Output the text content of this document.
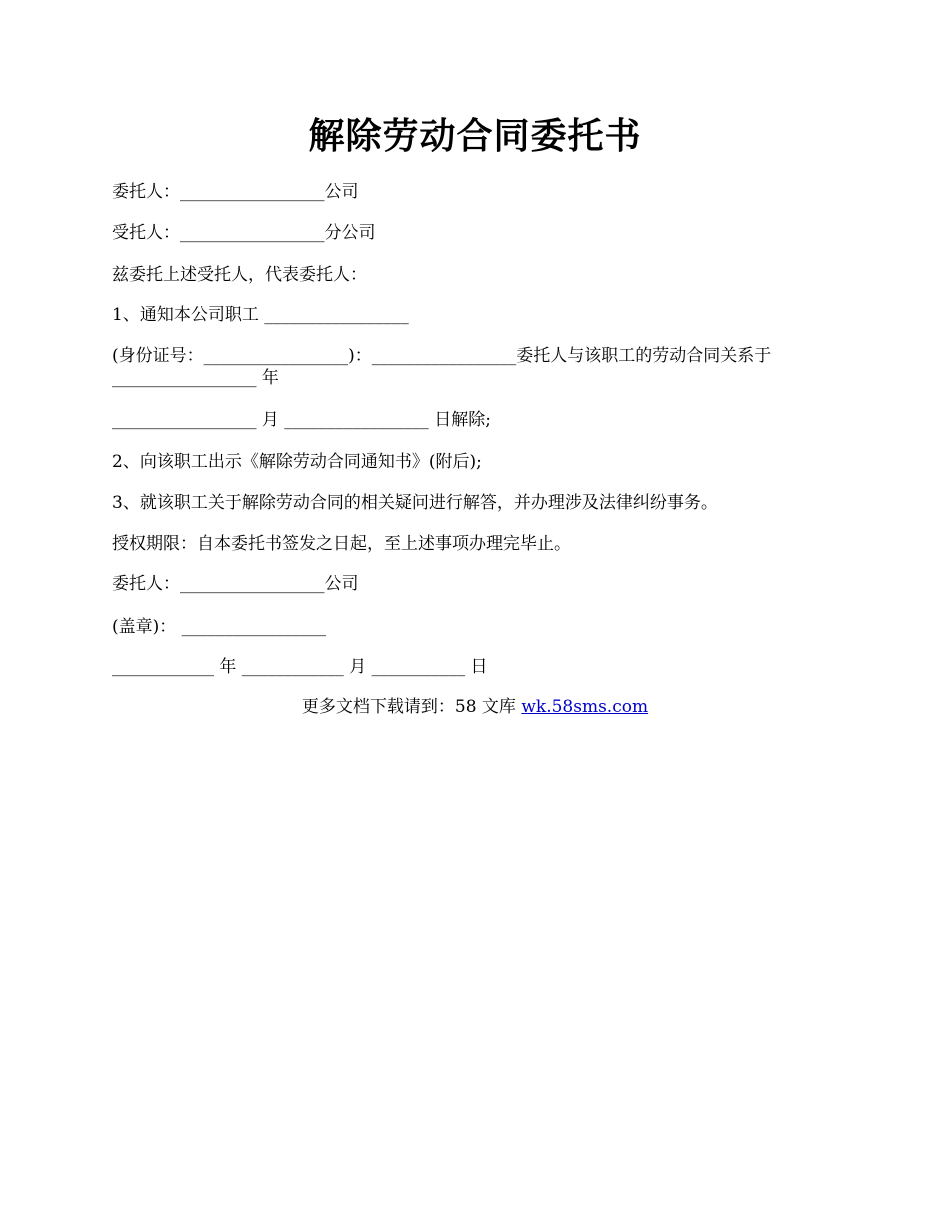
解除劳动合同委托书
委托人：_________________公司
受托人：_________________分公司
兹委托上述受托人，代表委托人：
1、通知本公司职工 _________________
(身份证号：_________________)：_________________委托人与该职工的劳动合同关系于_________________ 年
_________________ 月 _________________ 日解除;
2、向该职工出示《解除劳动合同通知书》(附后);
3、就该职工关于解除劳动合同的相关疑问进行解答，并办理涉及法律纠纷事务。
授权期限：自本委托书签发之日起，至上述事项办理完毕止。
委托人：_________________公司
(盖章)： _________________
____________ 年 ____________ 月 ___________ 日
更多文档下载请到：58 文库 wk.58sms.com
